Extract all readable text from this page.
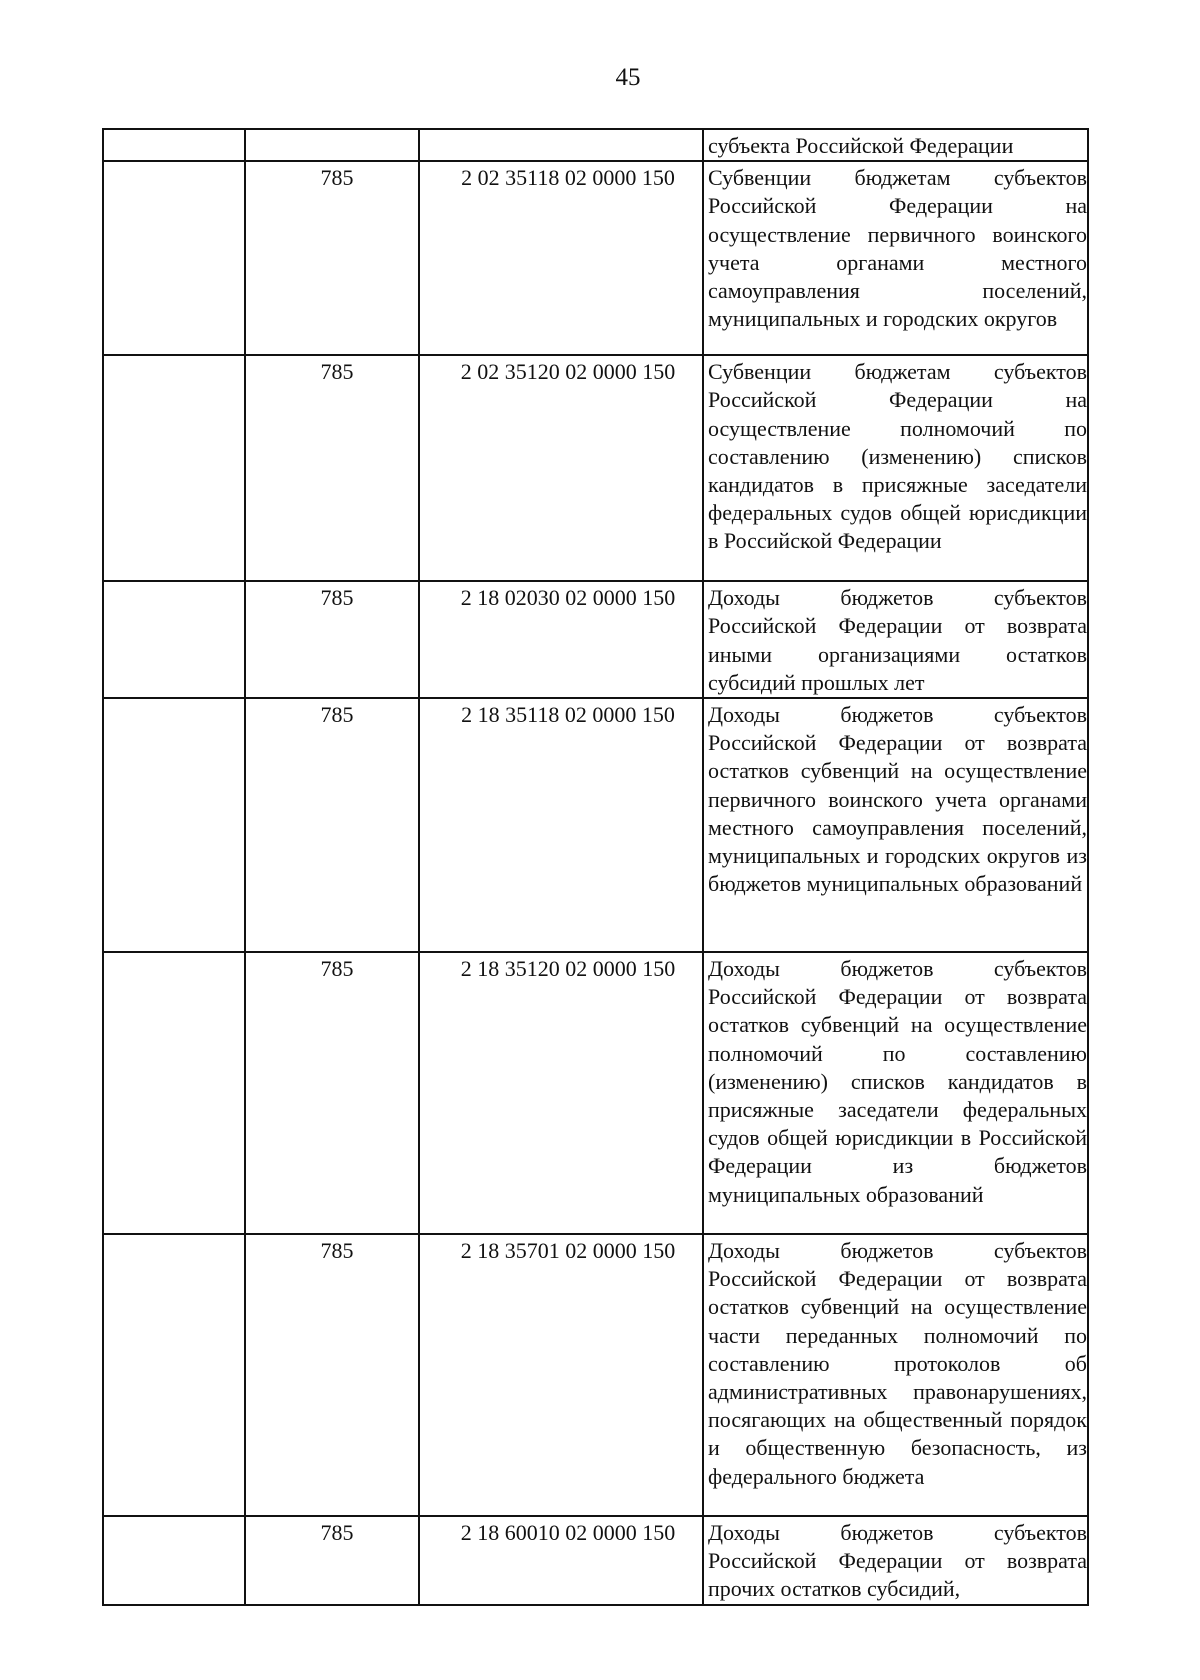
45
			субъекта Российской Федерации
	785	2 02 35118 02 0000 150	Субвенции бюджетам субъектов Российской Федерации на осуществление первичного воинского учета органами местного самоуправления поселений, муниципальных и городских округов
	785	2 02 35120 02 0000 150	Субвенции бюджетам субъектов Российской Федерации на осуществление полномочий по составлению (изменению) списков кандидатов в присяжные заседатели федеральных судов общей юрисдикции в Российской Федерации
	785	2 18 02030 02 0000 150	Доходы бюджетов субъектов Российской Федерации от возврата иными организациями остатков субсидий прошлых лет
	785	2 18 35118 02 0000 150	Доходы бюджетов субъектов Российской Федерации от возврата остатков субвенций на осуществление первичного воинского учета органами местного самоуправления поселений, муниципальных и городских округов из бюджетов муниципальных образований
	785	2 18 35120 02 0000 150	Доходы бюджетов субъектов Российской Федерации от возврата остатков субвенций на осуществление полномочий по составлению (изменению) списков кандидатов в присяжные заседатели федеральных судов общей юрисдикции в Российской Федерации из бюджетов муниципальных образований
	785	2 18 35701 02 0000 150	Доходы бюджетов субъектов Российской Федерации от возврата остатков субвенций на осуществление части переданных полномочий по составлению протоколов об административных правонарушениях, посягающих на общественный порядок и общественную безопасность, из федерального бюджета
	785	2 18 60010 02 0000 150	Доходы бюджетов субъектов Российской Федерации от возврата прочих остатков субсидий,
